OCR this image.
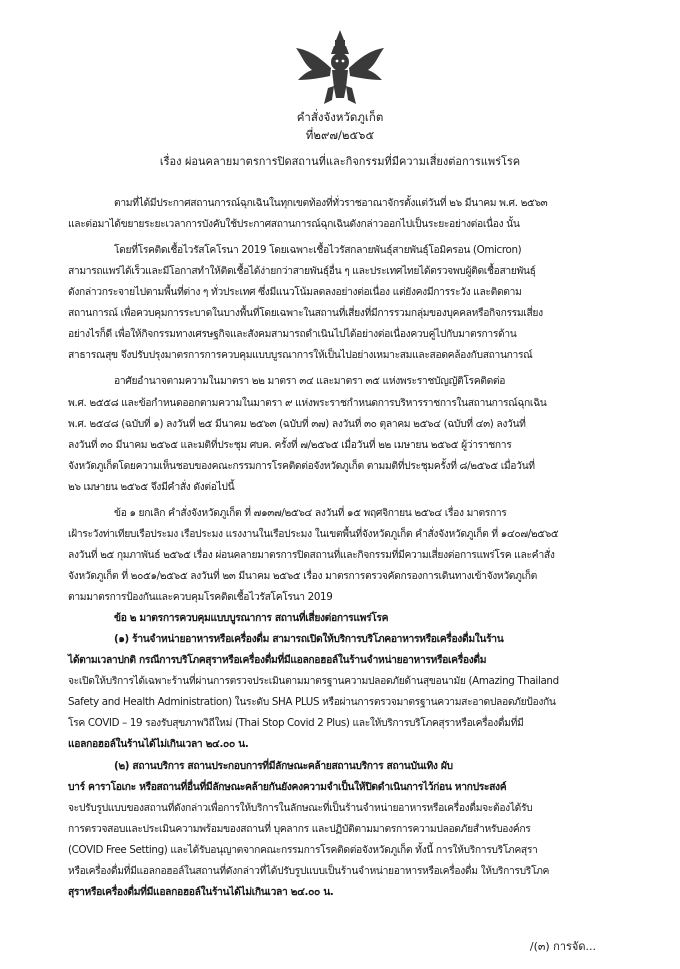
คำสั่งจังหวัดภูเก็ต
ที่๒๙๗/๒๕๖๕
เรื่อง ผ่อนคลายมาตรการปิดสถานที่และกิจกรรมที่มีความเสี่ยงต่อการแพร่โรค
ตามที่ได้มีประกาศสถานการณ์ฉุกเฉินในทุกเขตท้องที่ทั่วราชอาณาจักรตั้งแต่วันที่ ๒๖ มีนาคม พ.ศ. ๒๕๖๓
และต่อมาได้ขยายระยะเวลาการบังคับใช้ประกาศสถานการณ์ฉุกเฉินดังกล่าวออกไปเป็นระยะอย่างต่อเนื่อง นั้น
โดยที่โรคติดเชื้อไวรัสโคโรนา 2019 โดยเฉพาะเชื้อไวรัสกลายพันธุ์สายพันธุ์โอมิครอน (Omicron)
สามารถแพร่ได้เร็วและมีโอกาสทำให้ติดเชื้อได้ง่ายกว่าสายพันธุ์อื่น ๆ และประเทศไทยได้ตรวจพบผู้ติดเชื้อสายพันธุ์
ดังกล่าวกระจายไปตามพื้นที่ต่าง ๆ ทั่วประเทศ ซึ่งมีแนวโน้มลดลงอย่างต่อเนื่อง แต่ยังคงมีการระวัง และติดตาม
สถานการณ์ เพื่อควบคุมการระบาดในบางพื้นที่โดยเฉพาะในสถานที่เสี่ยงที่มีการรวมกลุ่มของบุคคลหรือกิจกรรมเสี่ยง
อย่างไรก็ดี เพื่อให้กิจกรรมทางเศรษฐกิจและสังคมสามารถดำเนินไปได้อย่างต่อเนื่องควบคู่ไปกับมาตรการด้าน
สาธารณสุข จึงปรับปรุงมาตรการการควบคุมแบบบูรณาการให้เป็นไปอย่างเหมาะสมและสอดคล้องกับสถานการณ์
อาศัยอำนาจตามความในมาตรา ๒๒ มาตรา ๓๔ และมาตรา ๓๕ แห่งพระราชบัญญัติโรคติดต่อ
พ.ศ. ๒๕๕๘ และข้อกำหนดออกตามความในมาตรา ๙ แห่งพระราชกำหนดการบริหารราชการในสถานการณ์ฉุกเฉิน
พ.ศ. ๒๕๔๘ (ฉบับที่ ๑) ลงวันที่ ๒๕ มีนาคม ๒๕๖๓ (ฉบับที่ ๓๗) ลงวันที่ ๓๐ ตุลาคม ๒๕๖๔ (ฉบับที่ ๔๓) ลงวันที่
ลงวันที่ ๓๐ มีนาคม ๒๕๖๕ และมติที่ประชุม ศบค. ครั้งที่ ๗/๒๕๖๕ เมื่อวันที่ ๒๒ เมษายน ๒๕๖๕ ผู้ว่าราชการ
จังหวัดภูเก็ตโดยความเห็นชอบของคณะกรรมการโรคติดต่อจังหวัดภูเก็ต ตามมติที่ประชุมครั้งที่ ๘/๒๕๖๕ เมื่อวันที่
๒๖ เมษายน ๒๕๖๕ จึงมีคำสั่ง ดังต่อไปนี้
ข้อ ๑ ยกเลิก คำสั่งจังหวัดภูเก็ต ที่ ๗๑๓๗/๒๕๖๔ ลงวันที่ ๑๕ พฤศจิกายน ๒๕๖๔ เรื่อง มาตรการ
เฝ้าระวังท่าเทียบเรือประมง เรือประมง แรงงานในเรือประมง ในเขตพื้นที่จังหวัดภูเก็ต คำสั่งจังหวัดภูเก็ต ที่ ๑๔๐๗/๒๕๖๕
ลงวันที่ ๒๕ กุมภาพันธ์ ๒๕๖๕ เรื่อง ผ่อนคลายมาตรการปิดสถานที่และกิจกรรมที่มีความเสี่ยงต่อการแพร่โรค และคำสั่ง
จังหวัดภูเก็ต ที่ ๒๐๕๑/๒๕๖๕ ลงวันที่ ๒๓ มีนาคม ๒๕๖๕ เรื่อง มาตรการตรวจคัดกรองการเดินทางเข้าจังหวัดภูเก็ต
ตามมาตรการป้องกันและควบคุมโรคติดเชื้อไวรัสโคโรนา 2019
ข้อ ๒ มาตรการควบคุมแบบบูรณาการ สถานที่เสี่ยงต่อการแพร่โรค
(๑) ร้านจำหน่ายอาหารหรือเครื่องดื่ม สามารถเปิดให้บริการบริโภคอาหารหรือเครื่องดื่มในร้าน
ได้ตามเวลาปกติ กรณีการบริโภคสุราหรือเครื่องดื่มที่มีแอลกอฮอล์ในร้านจำหน่ายอาหารหรือเครื่องดื่ม
จะเปิดให้บริการได้เฉพาะร้านที่ผ่านการตรวจประเมินตามมาตรฐานความปลอดภัยด้านสุขอนามัย (Amazing Thailand
Safety and Health Administration) ในระดับ SHA PLUS หรือผ่านการตรวจมาตรฐานความสะอาดปลอดภัยป้องกัน
โรค COVID – 19 รองรับสุขภาพวิถีใหม่ (Thai Stop Covid 2 Plus) และให้บริการบริโภคสุราหรือเครื่องดื่มที่มี
แอลกอฮอล์ในร้านได้ไม่เกินเวลา ๒๔.๐๐ น.
(๒) สถานบริการ สถานประกอบการที่มีลักษณะคล้ายสถานบริการ สถานบันเทิง ผับ
บาร์ คาราโอเกะ หรือสถานที่อื่นที่มีลักษณะคล้ายกันยังคงความจำเป็นให้ปิดดำเนินการไว้ก่อน หากประสงค์
จะปรับรูปแบบของสถานที่ดังกล่าวเพื่อการให้บริการในลักษณะที่เป็นร้านจำหน่ายอาหารหรือเครื่องดื่มจะต้องได้รับ
การตรวจสอบและประเมินความพร้อมของสถานที่ บุคลากร และปฏิบัติตามมาตรการความปลอดภัยสำหรับองค์กร
(COVID Free Setting) และได้รับอนุญาตจากคณะกรรมการโรคติดต่อจังหวัดภูเก็ต ทั้งนี้ การให้บริการบริโภคสุรา
หรือเครื่องดื่มที่มีแอลกอฮอล์ในสถานที่ดังกล่าวที่ได้ปรับรูปแบบเป็นร้านจำหน่ายอาหารหรือเครื่องดื่ม ให้บริการบริโภค
สุราหรือเครื่องดื่มที่มีแอลกอฮอล์ในร้านได้ไม่เกินเวลา ๒๔.๐๐ น.
/(๓) การจัด...
